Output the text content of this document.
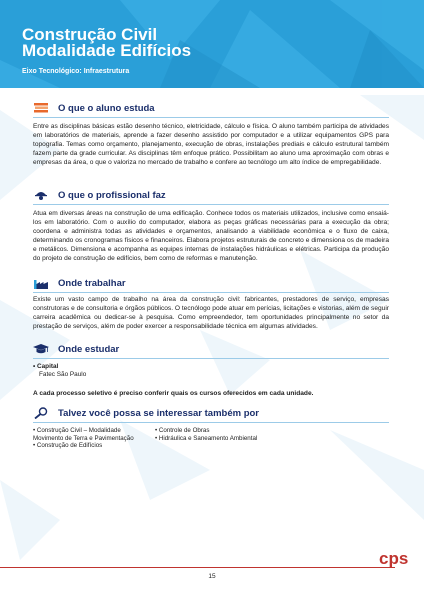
Construção Civil
Modalidade Edifícios
Eixo Tecnológico: Infraestrutura
O que o aluno estuda

Entre as disciplinas básicas estão desenho técnico, eletricidade, cálculo e física. O aluno também participa de atividades em laboratórios de materiais, aprende a fazer desenho assistido por computador e a utilizar equipamentos GPS para topografia. Temas como orçamento, planejamento, execução de obras, instalações prediais e cálculo estrutural também fazem parte da grade curricular. As disciplinas têm enfoque prático. Possibilitam ao aluno uma aproximação com obras e empresas da área, o que o valoriza no mercado de trabalho e confere ao tecnólogo um alto índice de empregabilidade.

O que o profissional faz

Atua em diversas áreas na construção de uma edificação. Conhece todos os materiais utilizados, inclusive como ensaiá-los em laboratório. Com o auxílio do computador, elabora as peças gráficas necessárias para a execução da obra; coordena e administra todas as atividades e orçamentos, analisando a viabilidade econômica e o fluxo de caixa, determinando os cronogramas físicos e financeiros. Elabora projetos estruturais de concreto e dimensiona os de madeira e metálicos. Dimensiona e acompanha as equipes internas de instalações hidráulicas e elétricas. Participa da produção do projeto de construção de edifícios, bem como de reformas e manutenção.

Onde trabalhar

Existe um vasto campo de trabalho na área da construção civil: fabricantes, prestadores de serviço, empresas construtoras e de consultoria e órgãos públicos. O tecnólogo pode atuar em perícias, licitações e vistorias, além de seguir carreira acadêmica ou dedicar-se à pesquisa. Como empreendedor, tem oportunidades principalmente no setor da prestação de serviços, além de poder exercer a responsabilidade técnica em algumas atividades.

Onde estudar
• Capital
Fatec São Paulo

A cada processo seletivo é preciso conferir quais os cursos oferecidos em cada unidade.

Talvez você possa se interessar também por
• Construção Civil – Modalidade
Movimento de Terra e Pavimentação
• Construção de Edifícios
• Controle de Obras
• Hidráulica e Saneamento Ambiental
cps
15
